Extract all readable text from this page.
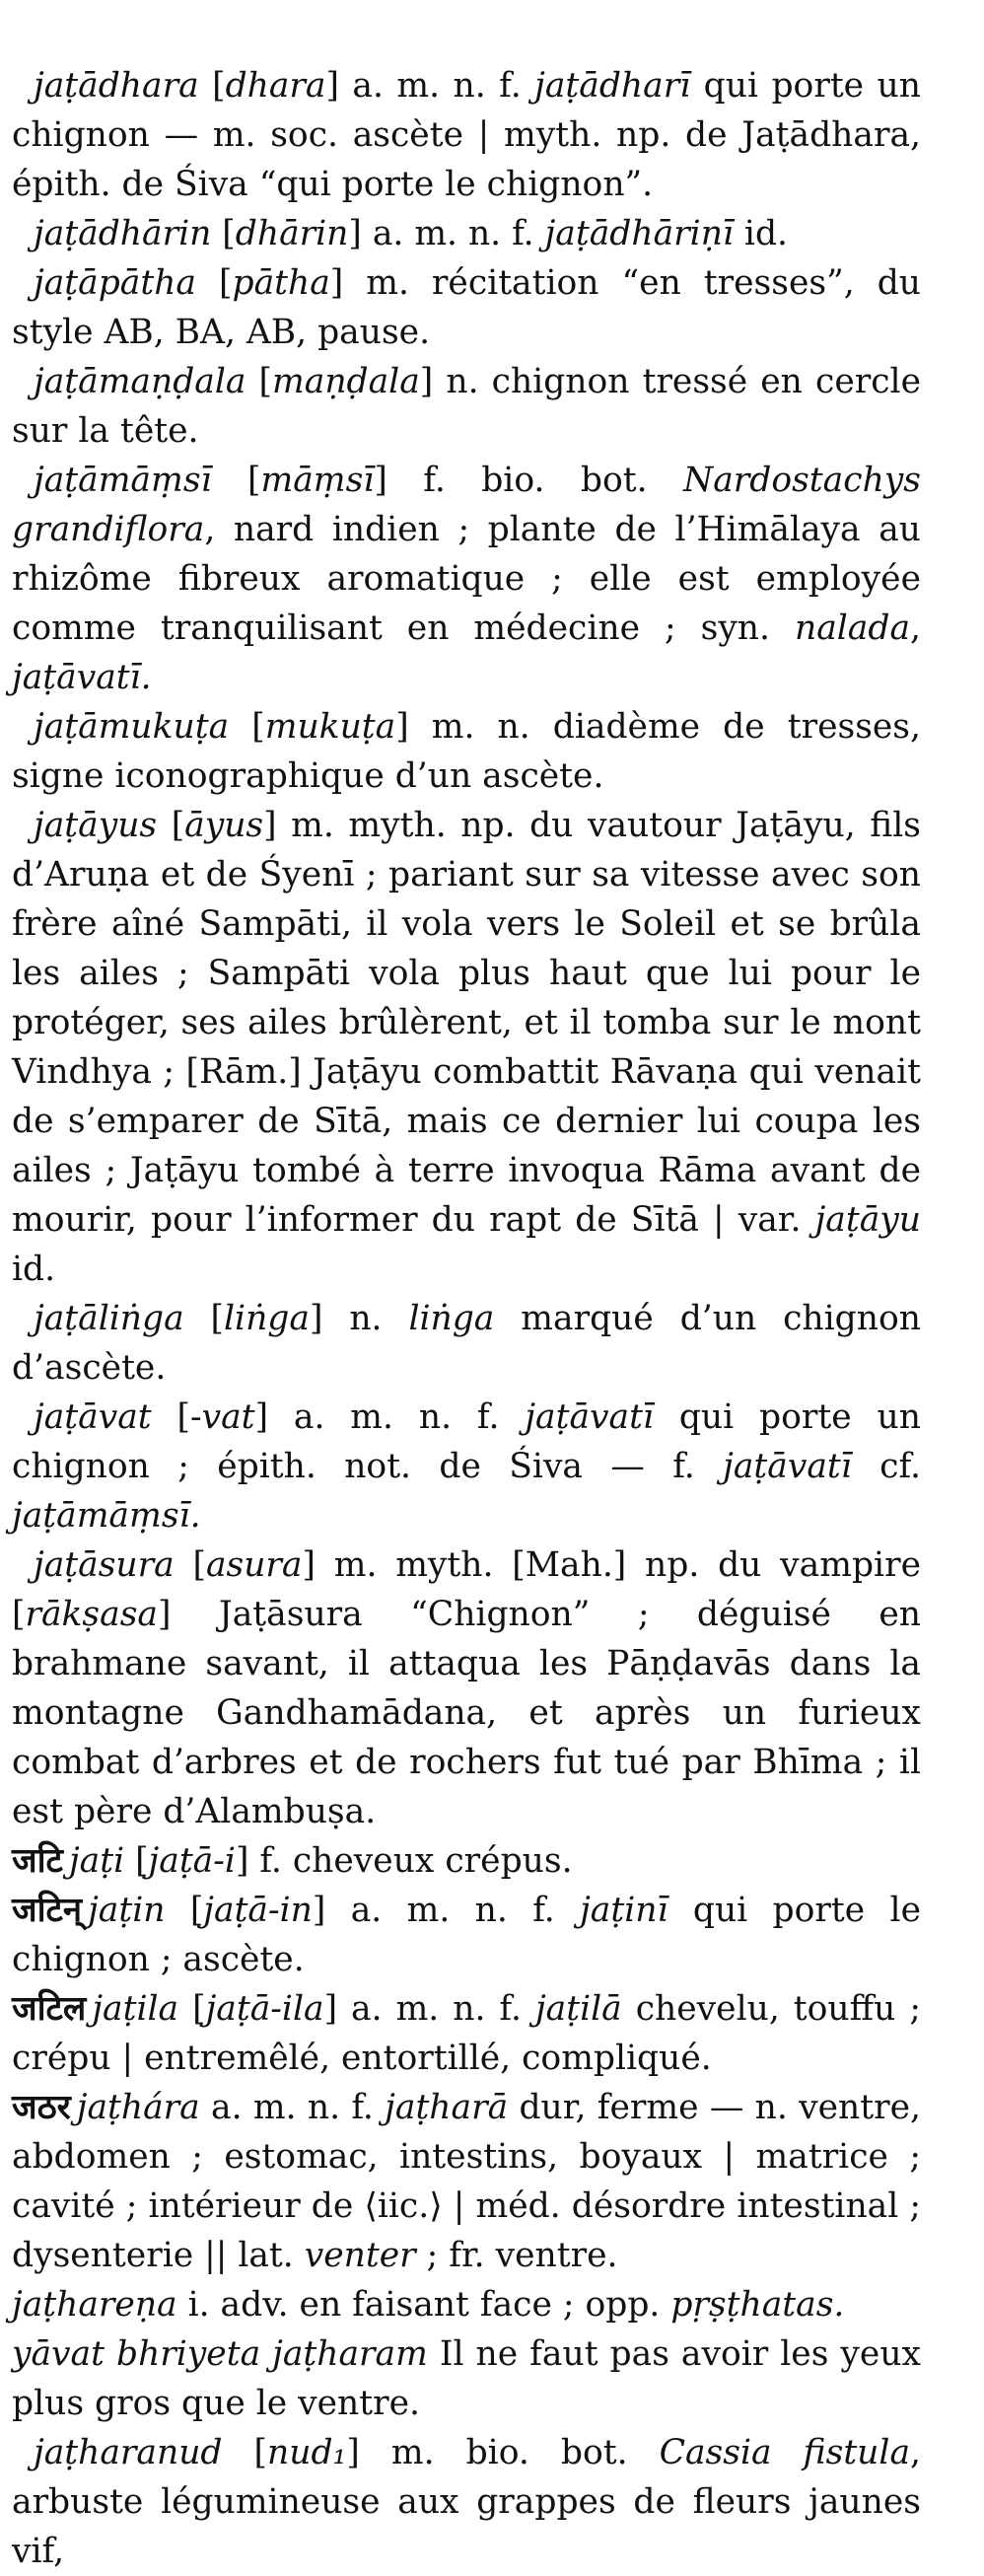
jaṭādhara [dhara] a. m. n. f. jaṭādharī qui porte un chignon — m. soc. ascète | myth. np. de Jaṭādhara, épith. de Śiva “qui porte le chignon”.

jaṭādhārin [dhārin] a. m. n. f. jaṭādhāriṇī id.

jaṭāpātha [pātha] m. récitation “en tresses”, du style AB, BA, AB, pause.

jaṭāmaṇḍala [maṇḍala] n. chignon tressé en cercle sur la tête.

jaṭāmāṃsī [māṃsī] f. bio. bot. Nardostachys grandiflora, nard indien ; plante de l’Himālaya au rhizôme fibreux aromatique ; elle est employée comme tranquilisant en médecine ; syn. nalada, jaṭāvatī.

jaṭāmukuṭa [mukuṭa] m. n. diadème de tresses, signe iconographique d’un ascète.

jaṭāyus [āyus] m. myth. np. du vautour Jaṭāyu, fils d’Aruṇa et de Śyenī ; pariant sur sa vitesse avec son frère aîné Sampāti, il vola vers le Soleil et se brûla les ailes ; Sampāti vola plus haut que lui pour le protéger, ses ailes brûlèrent, et il tomba sur le mont Vindhya ; [Rām.] Jaṭāyu combattit Rāvaṇa qui venait de s’emparer de Sītā, mais ce dernier lui coupa les ailes ; Jaṭāyu tombé à terre invoqua Rāma avant de mourir, pour l’informer du rapt de Sītā | var. jaṭāyu id.

jaṭāliṅga [liṅga] n. liṅga marqué d’un chignon d’ascète.

jaṭāvat [-vat] a. m. n. f. jaṭāvatī qui porte un chignon ; épith. not. de Śiva — f. jaṭāvatī cf. jaṭāmāṃsī.

jaṭāsura [asura] m. myth. [Mah.] np. du vampire [rākṣasa] Jaṭāsura “Chignon” ; déguisé en brahmane savant, il attaqua les Pāṇḍavās dans la montagne Gandhamādana, et après un furieux combat d’arbres et de rochers fut tué par Bhīma ; il est père d’Alambuṣa.

जटि jaṭi [jaṭā-i] f. cheveux crépus.

जटिन् jaṭin [jaṭā-in] a. m. n. f. jaṭinī qui porte le chignon ; ascète.

जटिल jaṭila [jaṭā-ila] a. m. n. f. jaṭilā chevelu, touffu ; crépu | entremêlé, entortillé, compliqué.

जठर jaṭhára a. m. n. f. jaṭharā dur, ferme — n. ventre, abdomen ; estomac, intestins, boyaux | matrice ; cavité ; intérieur de ⟨iic.⟩ | méd. désordre intestinal ; dysenterie || lat. venter ; fr. ventre.

jaṭhareṇa i. adv. en faisant face ; opp. pṛṣṭhatas.

yāvat bhriyeta jaṭharam Il ne faut pas avoir les yeux plus gros que le ventre.

jaṭharanud [nud₁] m. bio. bot. Cassia fistula, arbuste légumineuse aux grappes de fleurs jaunes vif,
